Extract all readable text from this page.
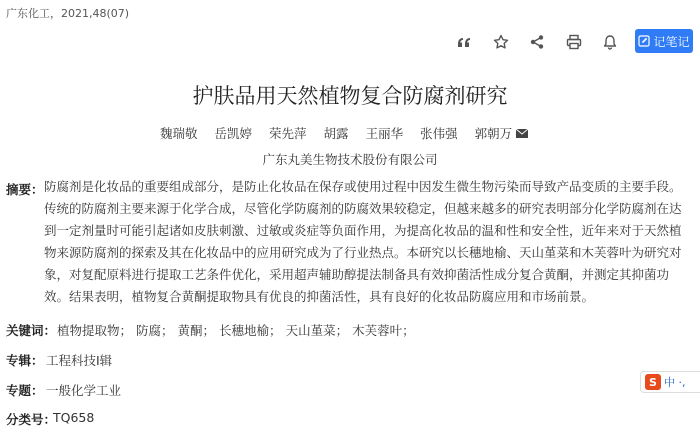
广东化工，2021,48(07)
记笔记
护肤品用天然植物复合防腐剂研究
魏瑞敬 岳凯婷 荣先萍 胡露 王丽华 张伟强 郭朝万
广东丸美生物技术股份有限公司
摘要： 防腐剂是化妆品的重要组成部分，是防止化妆品在保存或使用过程中因发生微生物污染而导致产品变质的主要手段。传统的防腐剂主要来源于化学合成，尽管化学防腐剂的防腐效果较稳定，但越来越多的研究表明部分化学防腐剂在达到一定剂量时可能引起诸如皮肤刺激、过敏或炎症等负面作用，为提高化妆品的温和性和安全性，近年来对于天然植物来源防腐剂的探索及其在化妆品中的应用研究成为了行业热点。本研究以长穗地榆、天山堇菜和木芙蓉叶为研究对象，对复配原料进行提取工艺条件优化，采用超声辅助醇提法制备具有效抑菌活性成分复合黄酮，并测定其抑菌功效。结果表明，植物复合黄酮提取物具有优良的抑菌活性，具有良好的化妆品防腐应用和市场前景。
关键词： 植物提取物； 防腐； 黄酮； 长穗地榆； 天山堇菜； 木芙蓉叶；
专辑： 工程科技Ⅰ辑
专题： 一般化学工业
分类号：
TQ658
S 中 ·,
